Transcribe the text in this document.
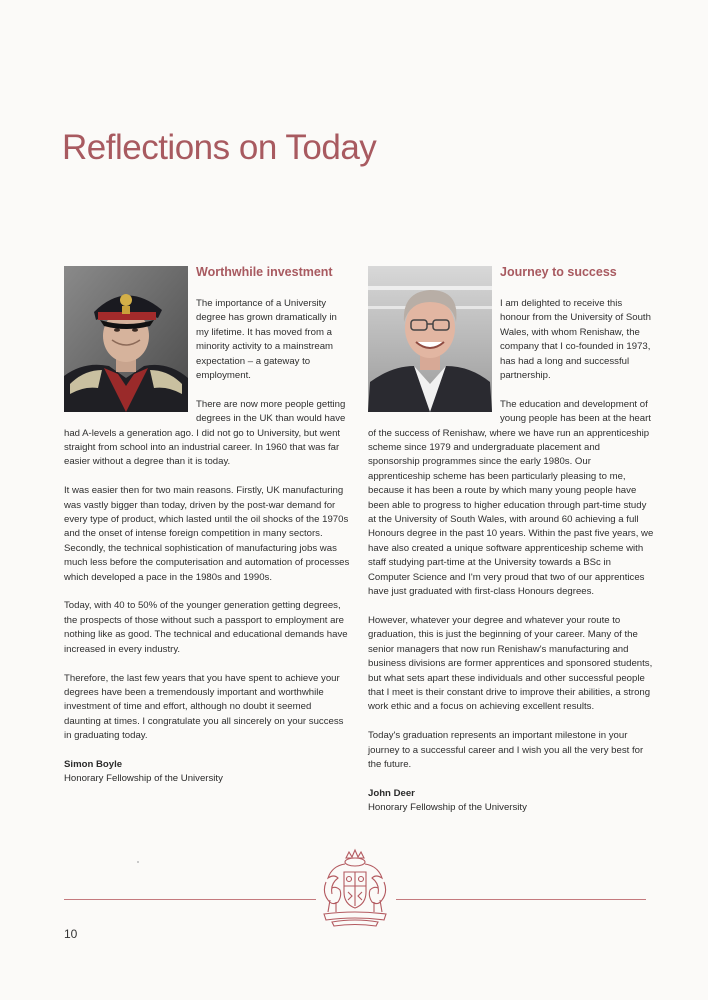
Reflections on Today
Worthwhile investment

The importance of a University degree has grown dramatically in my lifetime. It has moved from a minority activity to a mainstream expectation – a gateway to employment.

There are now more people getting degrees in the UK than would have had A-levels a generation ago. I did not go to University, but went straight from school into an industrial career. In 1960 that was far easier without a degree than it is today.

It was easier then for two main reasons. Firstly, UK manufacturing was vastly bigger than today, driven by the post-war demand for every type of product, which lasted until the oil shocks of the 1970s and the onset of intense foreign competition in many sectors. Secondly, the technical sophistication of manufacturing jobs was much less before the computerisation and automation of processes which developed a pace in the 1980s and 1990s.

Today, with 40 to 50% of the younger generation getting degrees, the prospects of those without such a passport to employment are nothing like as good. The technical and educational demands have increased in every industry.

Therefore, the last few years that you have spent to achieve your degrees have been a tremendously important and worthwhile investment of time and effort, although no doubt it seemed daunting at times. I congratulate you all sincerely on your success in graduating today.

Simon Boyle
Honorary Fellowship of the University
Journey to success

I am delighted to receive this honour from the University of South Wales, with whom Renishaw, the company that I co-founded in 1973, has had a long and successful partnership.

The education and development of young people has been at the heart of the success of Renishaw, where we have run an apprenticeship scheme since 1979 and undergraduate placement and sponsorship programmes since the early 1980s. Our apprenticeship scheme has been particularly pleasing to me, because it has been a route by which many young people have been able to progress to higher education through part-time study at the University of South Wales, with around 60 achieving a full Honours degree in the past 10 years. Within the past five years, we have also created a unique software apprenticeship scheme with staff studying part-time at the University towards a BSc in Computer Science and I'm very proud that two of our apprentices have just graduated with first-class Honours degrees.

However, whatever your degree and whatever your route to graduation, this is just the beginning of your career. Many of the senior managers that now run Renishaw's manufacturing and business divisions are former apprentices and sponsored students, but what sets apart these individuals and other successful people that I meet is their constant drive to improve their abilities, a strong work ethic and a focus on achieving excellent results.

Today's graduation represents an important milestone in your journey to a successful career and I wish you all the very best for the future.

John Deer
Honorary Fellowship of the University
10
